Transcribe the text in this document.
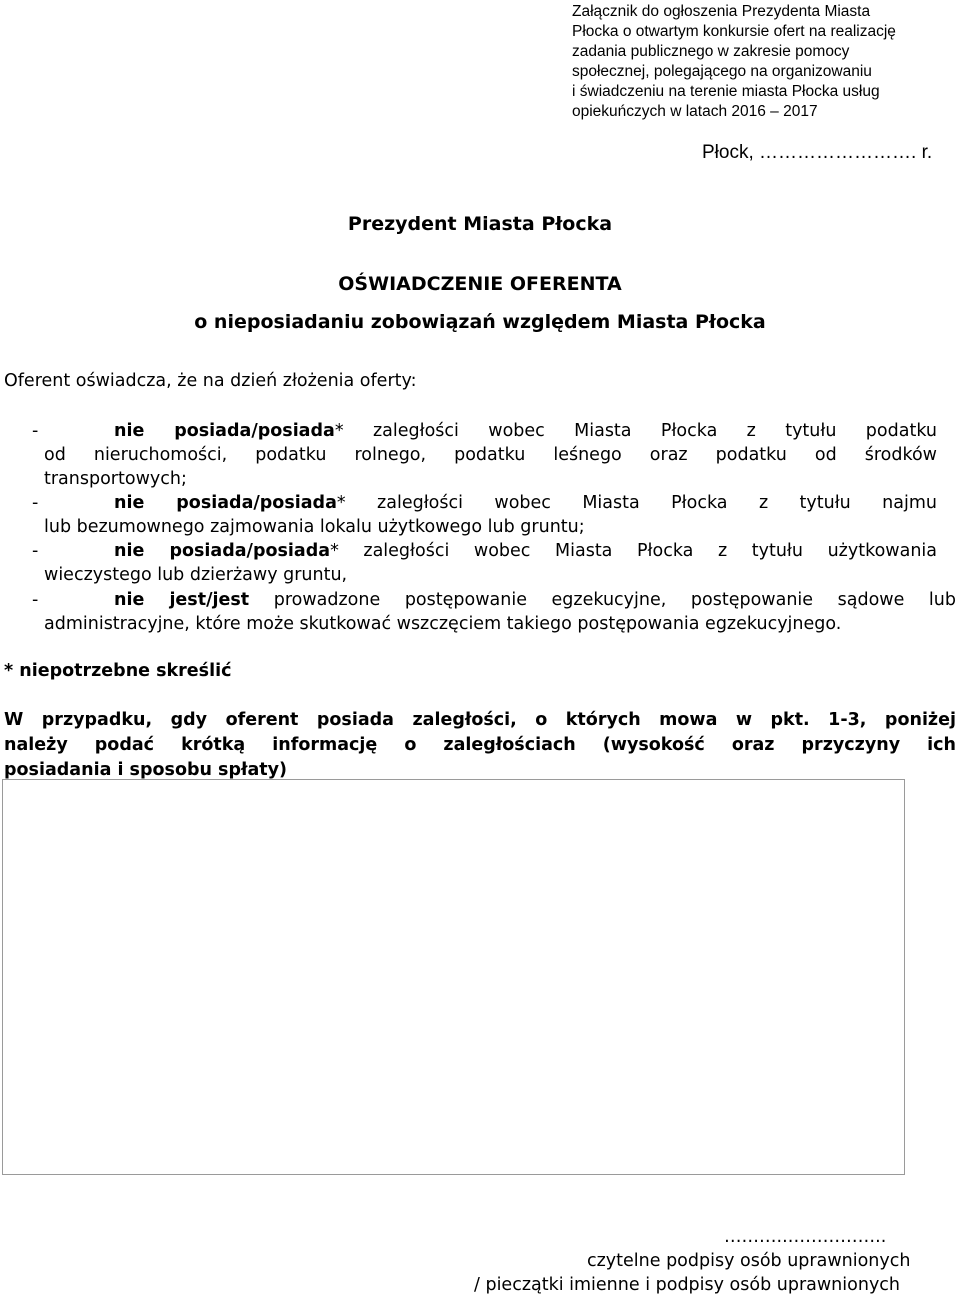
Załącznik do ogłoszenia Prezydenta Miasta
Płocka o otwartym konkursie ofert na realizację
zadania publicznego w zakresie pomocy
społecznej, polegającego na organizowaniu
i świadczeniu na terenie miasta Płocka usług
opiekuńczych w latach 2016 – 2017
Płock, ……………………. r.
Prezydent Miasta Płocka
OŚWIADCZENIE OFERENTA
o nieposiadaniu zobowiązań względem Miasta Płocka
Oferent oświadcza, że na dzień złożenia oferty:
-	nie posiada/posiada* zaległości wobec Miasta Płocka z tytułu podatku
od nieruchomości, podatku rolnego, podatku leśnego oraz podatku od środków
transportowych;
-	nie posiada/posiada* zaległości wobec Miasta Płocka z tytułu najmu
lub bezumownego zajmowania lokalu użytkowego lub gruntu;
-	nie posiada/posiada* zaległości wobec Miasta Płocka z tytułu użytkowania
wieczystego lub dzierżawy gruntu,
-	nie jest/jest prowadzone postępowanie egzekucyjne, postępowanie sądowe lub
administracyjne, które może skutkować wszczęciem takiego postępowania egzekucyjnego.
* niepotrzebne skreślić
W przypadku, gdy oferent posiada zaległości, o których mowa w pkt. 1-3, poniżej
należy podać krótką informację o zaległościach (wysokość oraz przyczyny ich
posiadania i sposobu spłaty)
………..……………..
czytelne podpisy osób uprawnionych
/ pieczątki imienne i podpisy osób uprawnionych
